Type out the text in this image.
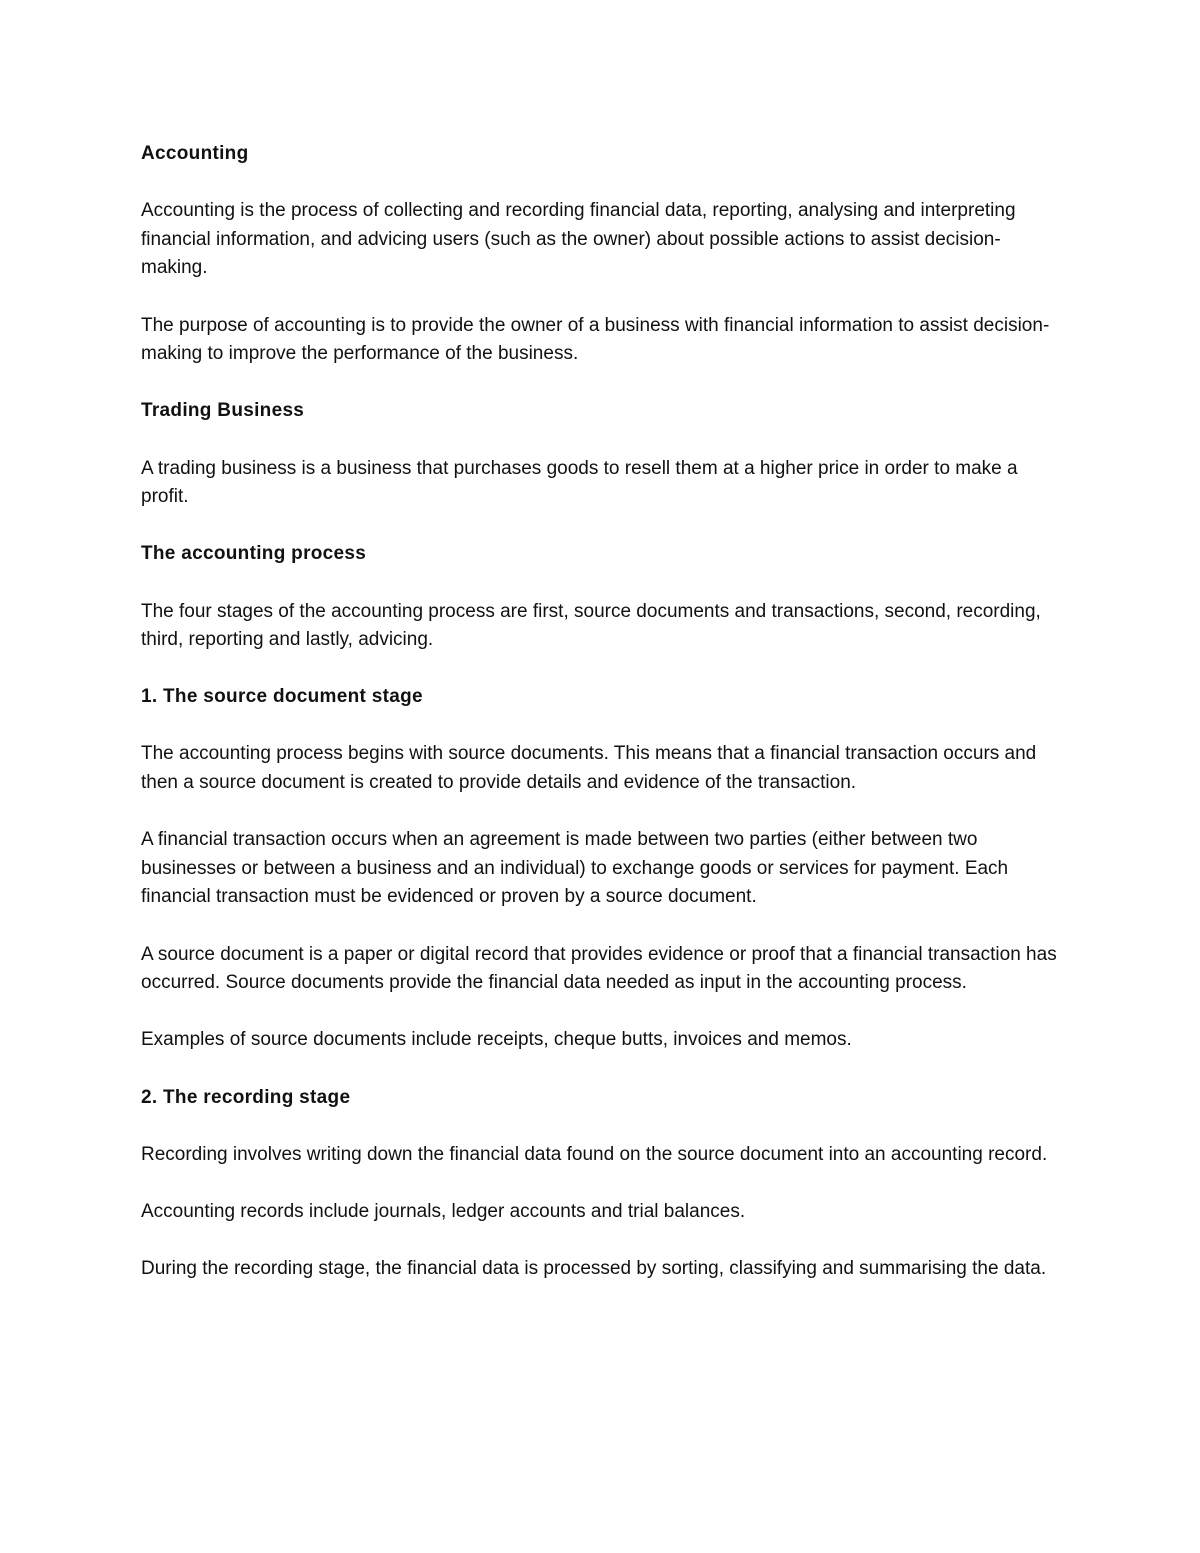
Accounting
Accounting is the process of collecting and recording financial data, reporting, analysing and interpreting financial information, and advicing users (such as the owner) about possible actions to assist decision-making.
The purpose of accounting is to provide the owner of a business with financial information to assist decision-making to improve the performance of the business.
Trading Business
A trading business is a business that purchases goods to resell them at a higher price in order to make a profit.
The accounting process
The four stages of the accounting process are first, source documents and transactions, second, recording, third, reporting and lastly, advicing.
1. The source document stage
The accounting process begins with source documents. This means that a financial transaction occurs and then a source document is created to provide details and evidence of the transaction.
A financial transaction occurs when an agreement is made between two parties (either between two businesses or between a business and an individual) to exchange goods or services for payment. Each financial transaction must be evidenced or proven by a source document.
A source document is a paper or digital record that provides evidence or proof that a financial transaction has occurred. Source documents provide the financial data needed as input in the accounting process.
Examples of source documents include receipts, cheque butts, invoices and memos.
2. The recording stage
Recording involves writing down the financial data found on the source document into an accounting record.
Accounting records include journals, ledger accounts and trial balances.
During the recording stage, the financial data is processed by sorting, classifying and summarising the data.
